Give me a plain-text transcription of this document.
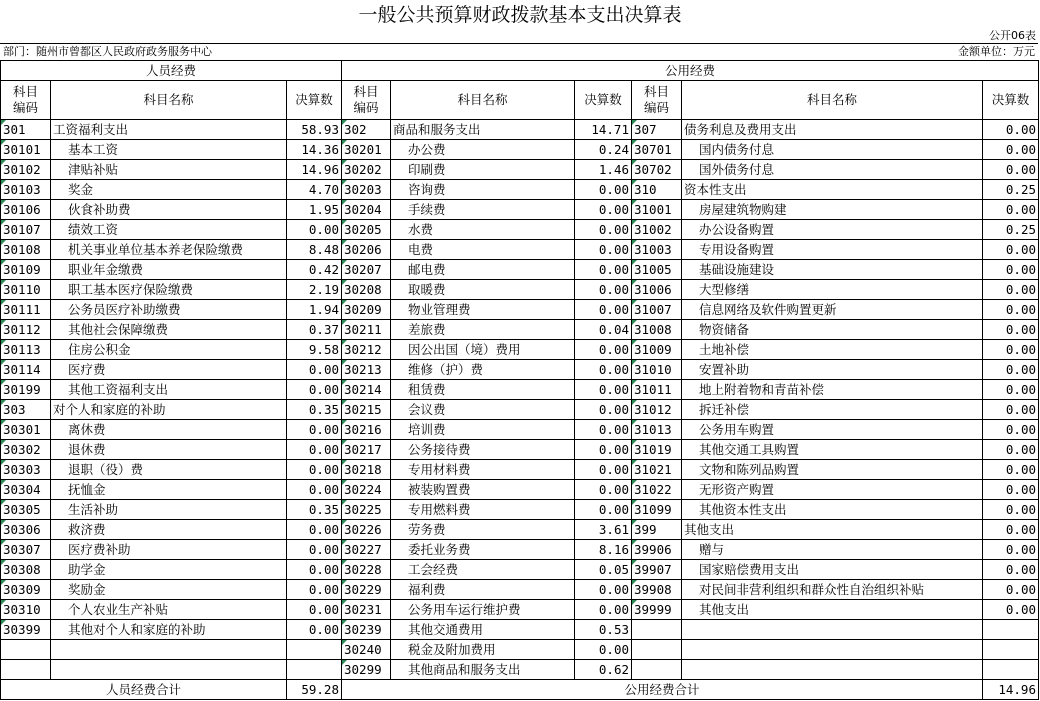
一般公共预算财政拨款基本支出决算表
公开06表
部门：随州市曾都区人民政府政务服务中心	金额单位：万元
人员经费			公用经费					
科目
编码	科目名称	决算数	科目
编码	科目名称	决算数	科目
编码	科目名称	决算数
301	工资福利支出	58.93	302	商品和服务支出	14.71	307	债务利息及费用支出	0.00
30101	基本工资	14.36	30201	办公费	0.24	30701	国内债务付息	0.00
30102	津贴补贴	14.96	30202	印刷费	1.46	30702	国外债务付息	0.00
30103	奖金	4.70	30203	咨询费	0.00	310	资本性支出	0.25
30106	伙食补助费	1.95	30204	手续费	0.00	31001	房屋建筑物购建	0.00
30107	绩效工资	0.00	30205	水费	0.00	31002	办公设备购置	0.25
30108	机关事业单位基本养老保险缴费	8.48	30206	电费	0.00	31003	专用设备购置	0.00
30109	职业年金缴费	0.42	30207	邮电费	0.00	31005	基础设施建设	0.00
30110	职工基本医疗保险缴费	2.19	30208	取暖费	0.00	31006	大型修缮	0.00
30111	公务员医疗补助缴费	1.94	30209	物业管理费	0.00	31007	信息网络及软件购置更新	0.00
30112	其他社会保障缴费	0.37	30211	差旅费	0.04	31008	物资储备	0.00
30113	住房公积金	9.58	30212	因公出国（境）费用	0.00	31009	土地补偿	0.00
30114	医疗费	0.00	30213	维修（护）费	0.00	31010	安置补助	0.00
30199	其他工资福利支出	0.00	30214	租赁费	0.00	31011	地上附着物和青苗补偿	0.00
303	对个人和家庭的补助	0.35	30215	会议费	0.00	31012	拆迁补偿	0.00
30301	离休费	0.00	30216	培训费	0.00	31013	公务用车购置	0.00
30302	退休费	0.00	30217	公务接待费	0.00	31019	其他交通工具购置	0.00
30303	退职（役）费	0.00	30218	专用材料费	0.00	31021	文物和陈列品购置	0.00
30304	抚恤金	0.00	30224	被装购置费	0.00	31022	无形资产购置	0.00
30305	生活补助	0.35	30225	专用燃料费	0.00	31099	其他资本性支出	0.00
30306	救济费	0.00	30226	劳务费	3.61	399	其他支出	0.00
30307	医疗费补助	0.00	30227	委托业务费	8.16	39906	赠与	0.00
30308	助学金	0.00	30228	工会经费	0.05	39907	国家赔偿费用支出	0.00
30309	奖励金	0.00	30229	福利费	0.00	39908	对民间非营利组织和群众性自治组织补贴	0.00
30310	个人农业生产补贴	0.00	30231	公务用车运行维护费	0.00	39999	其他支出	0.00
30399	其他对个人和家庭的补助	0.00	30239	其他交通费用	0.53			
			30240	税金及附加费用	0.00			
			30299	其他商品和服务支出	0.62			
人员经费合计		59.28	公用经费合计					14.96
